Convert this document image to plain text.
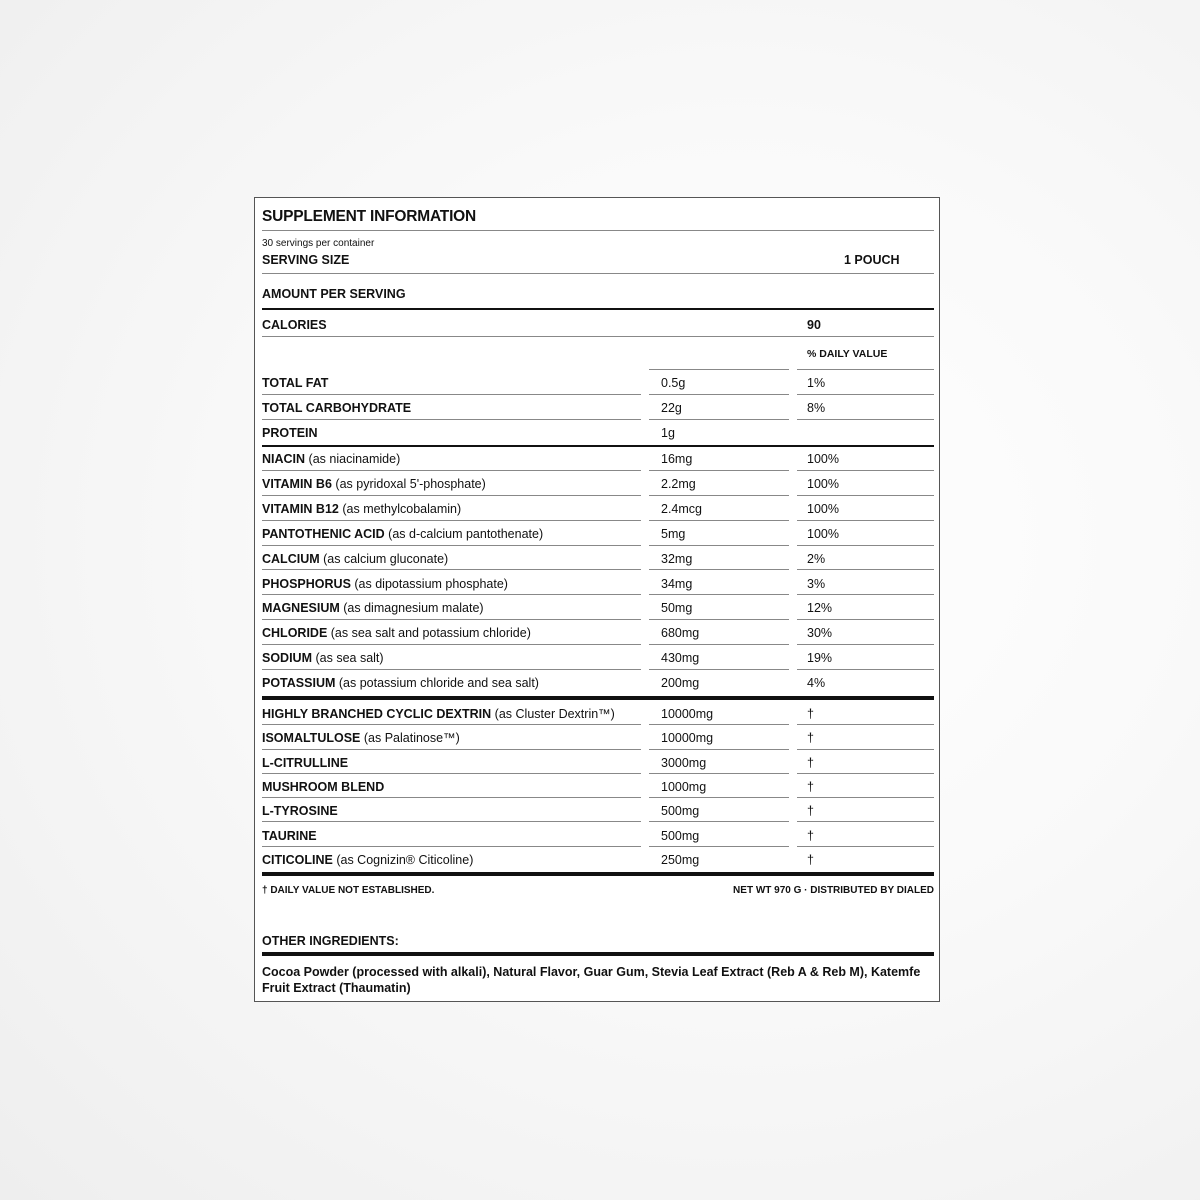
SUPPLEMENT INFORMATION
30 servings per container
SERVING SIZE	1 POUCH
AMOUNT PER SERVING
CALORIES	90
% DAILY VALUE
TOTAL FAT	0.5g	1%
TOTAL CARBOHYDRATE	22g	8%
PROTEIN	1g
NIACIN (as niacinamide)	16mg	100%
VITAMIN B6 (as pyridoxal 5'-phosphate)	2.2mg	100%
VITAMIN B12 (as methylcobalamin)	2.4mcg	100%
PANTOTHENIC ACID (as d-calcium pantothenate)	5mg	100%
CALCIUM (as calcium gluconate)	32mg	2%
PHOSPHORUS (as dipotassium phosphate)	34mg	3%
MAGNESIUM (as dimagnesium malate)	50mg	12%
CHLORIDE (as sea salt and potassium chloride)	680mg	30%
SODIUM (as sea salt)	430mg	19%
POTASSIUM (as potassium chloride and sea salt)	200mg	4%
HIGHLY BRANCHED CYCLIC DEXTRIN (as Cluster Dextrin™)	10000mg	†
ISOMALTULOSE (as Palatinose™)	10000mg	†
L-CITRULLINE	3000mg	†
MUSHROOM BLEND	1000mg	†
L-TYROSINE	500mg	†
TAURINE	500mg	†
CITICOLINE (as Cognizin® Citicoline)	250mg	†
† DAILY VALUE NOT ESTABLISHED.	NET WT 970 G · DISTRIBUTED BY DIALED
OTHER INGREDIENTS:
Cocoa Powder (processed with alkali), Natural Flavor, Guar Gum, Stevia Leaf Extract (Reb A & Reb M), Katemfe Fruit Extract (Thaumatin)
